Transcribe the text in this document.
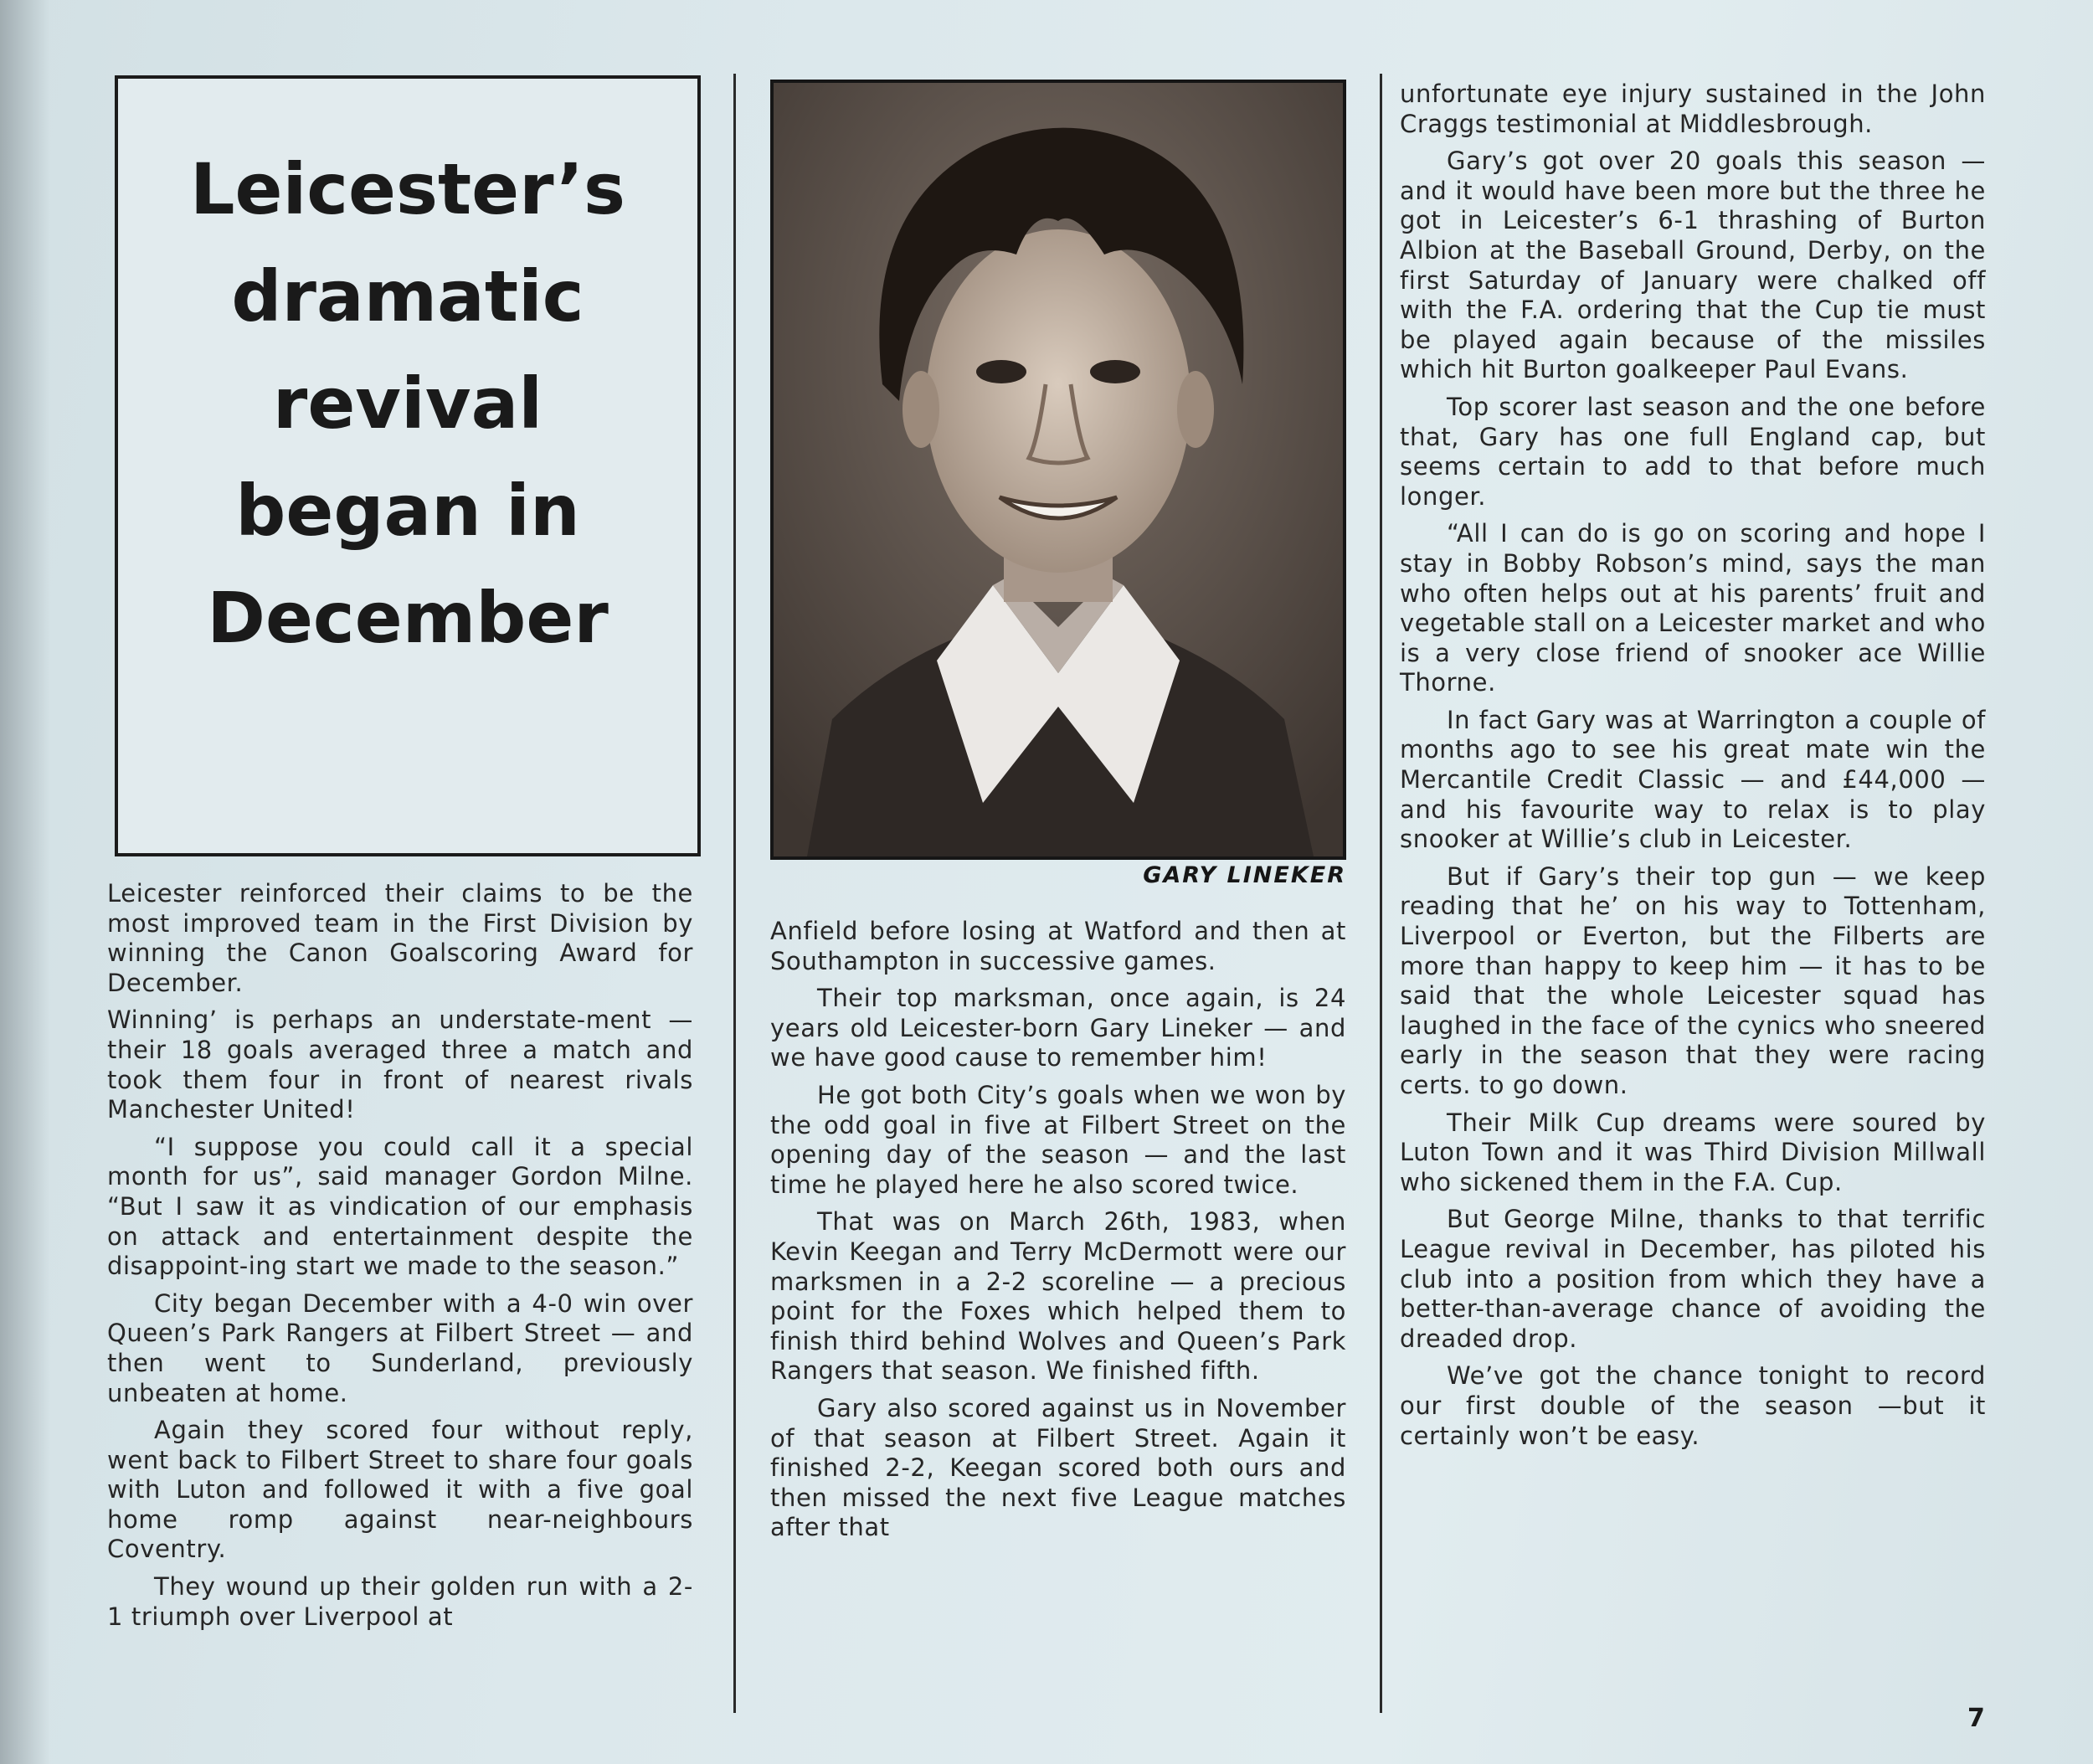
Leicester’s
dramatic
revival
began in
December
GARY LINEKER

Leicester reinforced their claims to be the most improved team in the First Division by winning the Canon Goalscoring Award for December.

Winning’ is perhaps an understate-ment — their 18 goals averaged three a match and took them four in front of nearest rivals Manchester United!

“I suppose you could call it a special month for us”, said manager Gordon Milne. “But I saw it as vindication of our emphasis on attack and entertainment despite the disappoint-ing start we made to the season.”

City began December with a 4-0 win over Queen’s Park Rangers at Filbert Street — and then went to Sunderland, previously unbeaten at home.

Again they scored four without reply, went back to Filbert Street to share four goals with Luton and followed it with a five goal home romp against near-neighbours Coventry.

They wound up their golden run with a 2-1 triumph over Liverpool at

Anfield before losing at Watford and then at Southampton in successive games.

Their top marksman, once again, is 24 years old Leicester-born Gary Lineker — and we have good cause to remember him!

He got both City’s goals when we won by the odd goal in five at Filbert Street on the opening day of the season — and the last time he played here he also scored twice.

That was on March 26th, 1983, when Kevin Keegan and Terry McDermott were our marksmen in a 2-2 scoreline — a precious point for the Foxes which helped them to finish third behind Wolves and Queen’s Park Rangers that season. We finished fifth.

Gary also scored against us in November of that season at Filbert Street. Again it finished 2-2, Keegan scored both ours and then missed the next five League matches after that

unfortunate eye injury sustained in the John Craggs testimonial at Middlesbrough.

Gary’s got over 20 goals this season — and it would have been more but the three he got in Leicester’s 6-1 thrashing of Burton Albion at the Baseball Ground, Derby, on the first Saturday of January were chalked off with the F.A. ordering that the Cup tie must be played again because of the missiles which hit Burton goalkeeper Paul Evans.

Top scorer last season and the one before that, Gary has one full England cap, but seems certain to add to that before much longer.

“All I can do is go on scoring and hope I stay in Bobby Robson’s mind, says the man who often helps out at his parents’ fruit and vegetable stall on a Leicester market and who is a very close friend of snooker ace Willie Thorne.

In fact Gary was at Warrington a couple of months ago to see his great mate win the Mercantile Credit Classic — and £44,000 — and his favourite way to relax is to play snooker at Willie’s club in Leicester.

But if Gary’s their top gun — we keep reading that he’ on his way to Tottenham, Liverpool or Everton, but the Filberts are more than happy to keep him — it has to be said that the whole Leicester squad has laughed in the face of the cynics who sneered early in the season that they were racing certs. to go down.

Their Milk Cup dreams were soured by Luton Town and it was Third Division Millwall who sickened them in the F.A. Cup.

But George Milne, thanks to that terrific League revival in December, has piloted his club into a position from which they have a better-than-average chance of avoiding the dreaded drop.

We’ve got the chance tonight to record our first double of the season —but it certainly won’t be easy.

7
